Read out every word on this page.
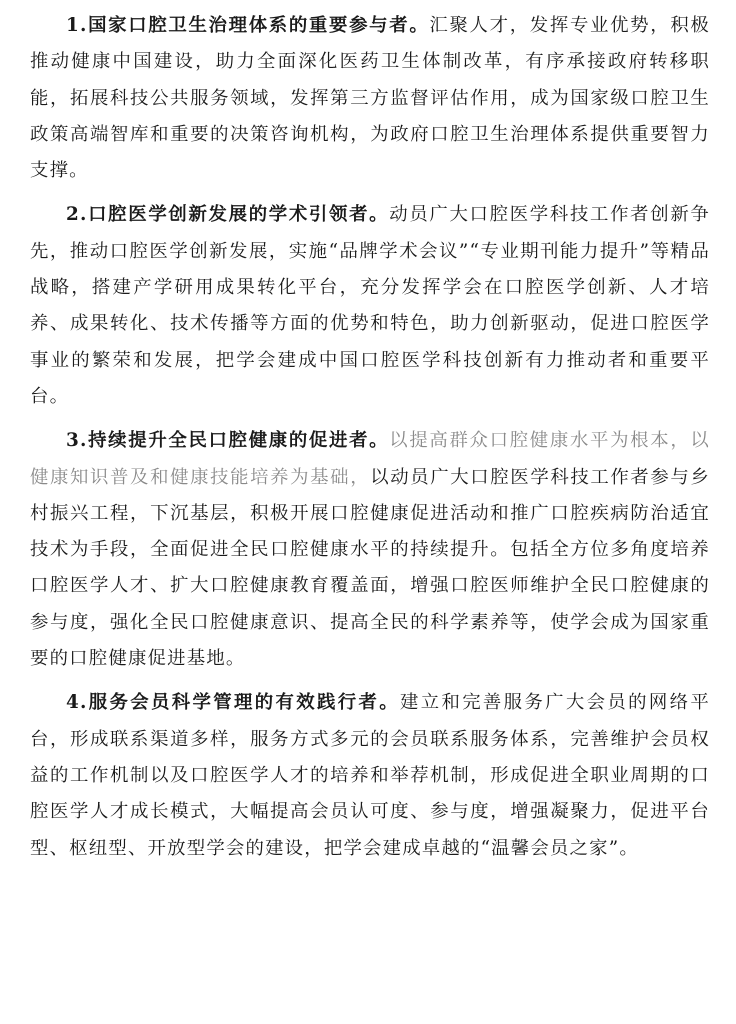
1.国家口腔卫生治理体系的重要参与者。汇聚人才，发挥专业优势，积极推动健康中国建设，助力全面深化医药卫生体制改革，有序承接政府转移职能，拓展科技公共服务领域，发挥第三方监督评估作用，成为国家级口腔卫生政策高端智库和重要的决策咨询机构，为政府口腔卫生治理体系提供重要智力支撑。

2.口腔医学创新发展的学术引领者。动员广大口腔医学科技工作者创新争先，推动口腔医学创新发展，实施“品牌学术会议”“专业期刊能力提升”等精品战略，搭建产学研用成果转化平台，充分发挥学会在口腔医学创新、人才培养、成果转化、技术传播等方面的优势和特色，助力创新驱动，促进口腔医学事业的繁荣和发展，把学会建成中国口腔医学科技创新有力推动者和重要平台。

3.持续提升全民口腔健康的促进者。以提高群众口腔健康水平为根本，以健康知识普及和健康技能培养为基础，以动员广大口腔医学科技工作者参与乡村振兴工程，下沉基层，积极开展口腔健康促进活动和推广口腔疾病防治适宜技术为手段，全面促进全民口腔健康水平的持续提升。包括全方位多角度培养口腔医学人才、扩大口腔健康教育覆盖面，增强口腔医师维护全民口腔健康的参与度，强化全民口腔健康意识、提高全民的科学素养等，使学会成为国家重要的口腔健康促进基地。

4.服务会员科学管理的有效践行者。建立和完善服务广大会员的网络平台，形成联系渠道多样，服务方式多元的会员联系服务体系，完善维护会员权益的工作机制以及口腔医学人才的培养和举荐机制，形成促进全职业周期的口腔医学人才成长模式，大幅提高会员认可度、参与度，增强凝聚力，促进平台型、枢纽型、开放型学会的建设，把学会建成卓越的“温馨会员之家”。
